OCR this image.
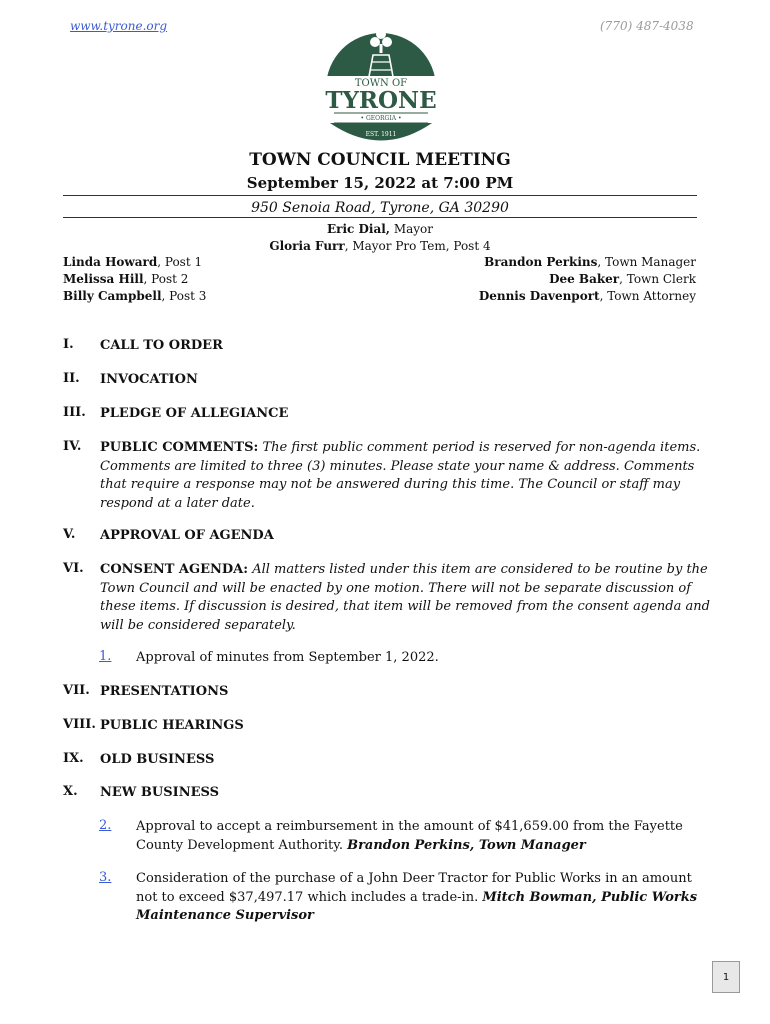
www.tyrone.org	(770) 487-4038
TOWN OF
TYRONE
• GEORGIA •
EST. 1911
TOWN COUNCIL MEETING
September 15, 2022 at 7:00 PM
950 Senoia Road, Tyrone, GA 30290
Eric Dial, Mayor
Gloria Furr, Mayor Pro Tem, Post 4
Linda Howard, Post 1
Melissa Hill, Post 2
Billy Campbell, Post 3
Brandon Perkins, Town Manager
Dee Baker, Town Clerk
Dennis Davenport, Town Attorney
I. CALL TO ORDER
II. INVOCATION
III. PLEDGE OF ALLEGIANCE
IV. PUBLIC COMMENTS: The first public comment period is reserved for non-agenda items. Comments are limited to three (3) minutes. Please state your name & address. Comments that require a response may not be answered during this time. The Council or staff may respond at a later date.
V. APPROVAL OF AGENDA
VI. CONSENT AGENDA: All matters listed under this item are considered to be routine by the Town Council and will be enacted by one motion. There will not be separate discussion of these items. If discussion is desired, that item will be removed from the consent agenda and will be considered separately.
1. Approval of minutes from September 1, 2022.
VII. PRESENTATIONS
VIII. PUBLIC HEARINGS
IX. OLD BUSINESS
X. NEW BUSINESS
2. Approval to accept a reimbursement in the amount of $41,659.00 from the Fayette County Development Authority. Brandon Perkins, Town Manager
3. Consideration of the purchase of a John Deer Tractor for Public Works in an amount not to exceed $37,497.17 which includes a trade-in. Mitch Bowman, Public Works Maintenance Supervisor
1
